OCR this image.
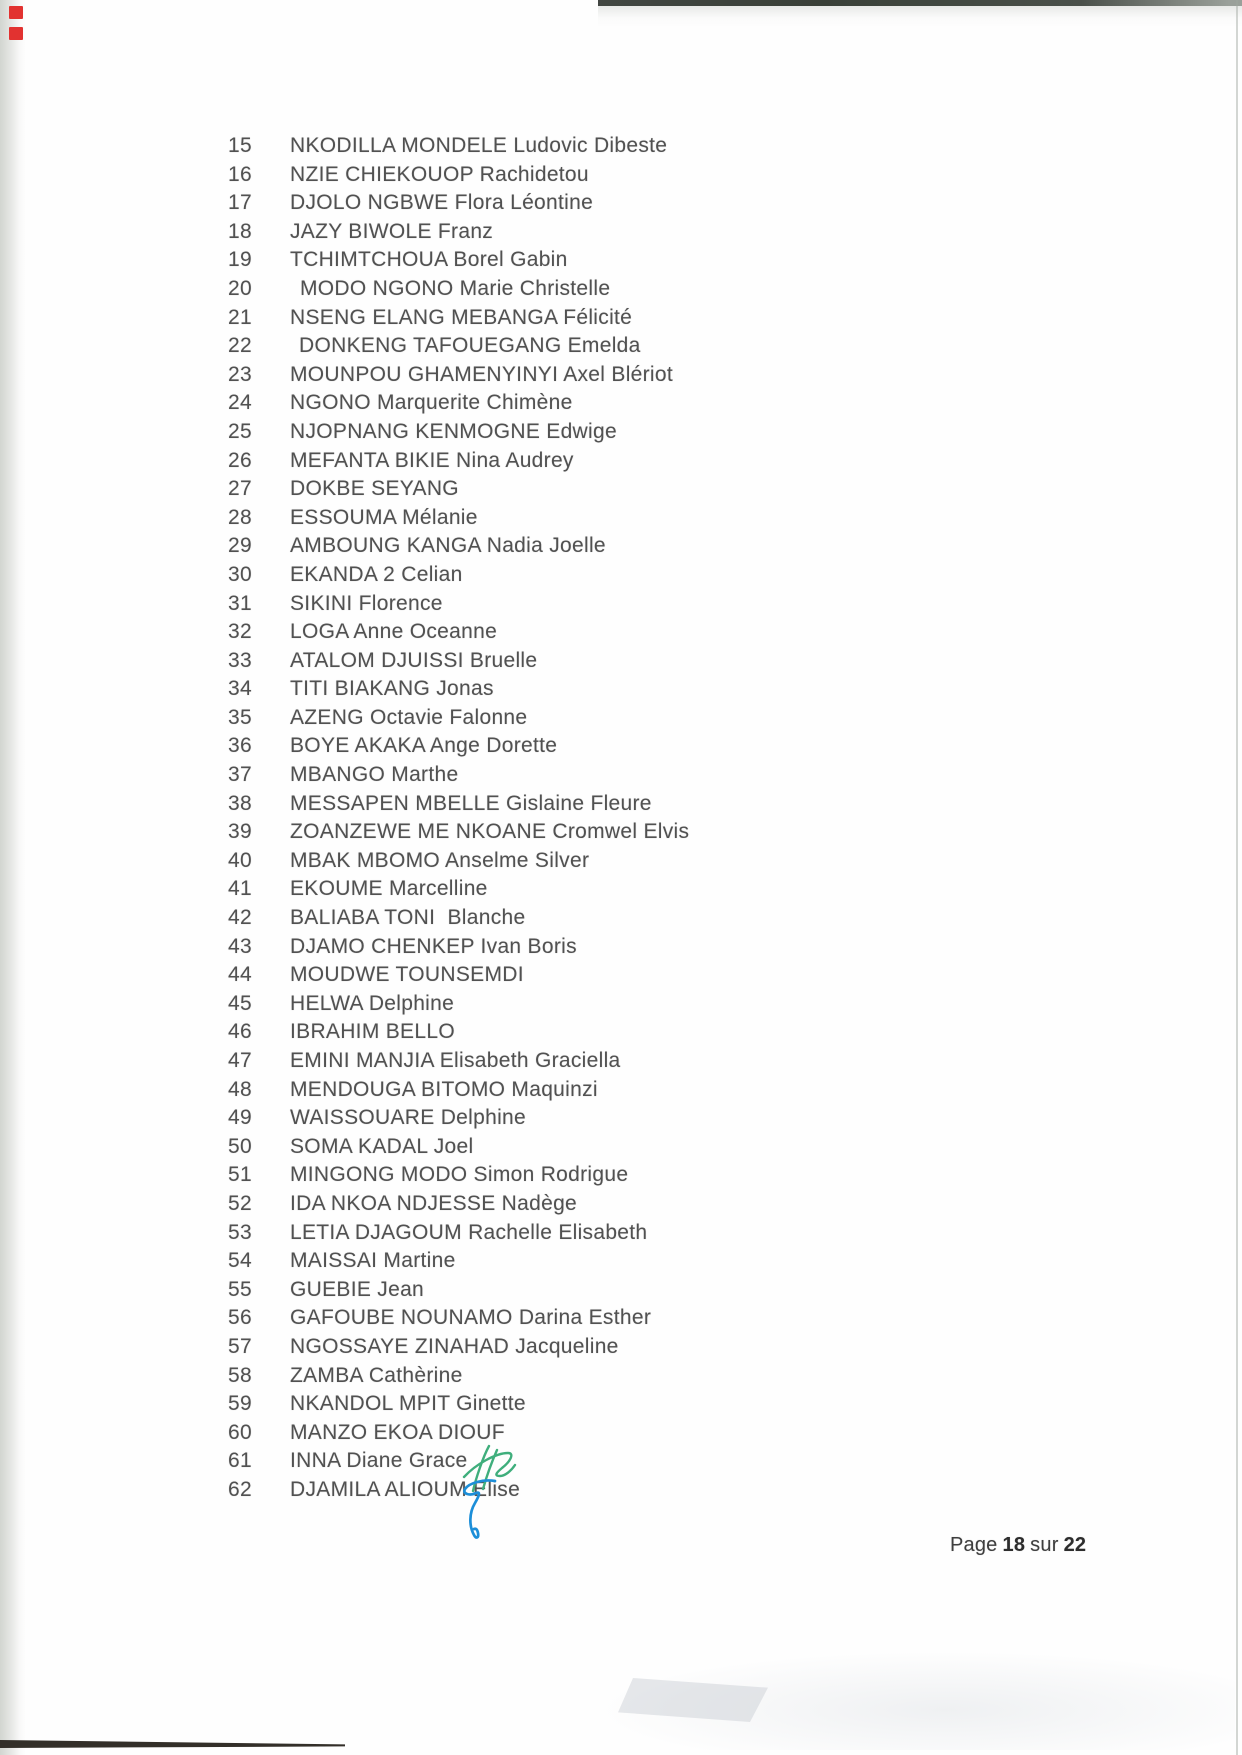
15 NKODILLA MONDELE Ludovic Dibeste
16 NZIE CHIEKOUOP Rachidetou
17 DJOLO NGBWE Flora Léontine
18 JAZY BIWOLE Franz
19 TCHIMTCHOUA Borel Gabin
20 MODO NGONO Marie Christelle
21 NSENG ELANG MEBANGA Félicité
22 DONKENG TAFOUEGANG Emelda
23 MOUNPOU GHAMENYINYI Axel Blériot
24 NGONO Marquerite Chimène
25 NJOPNANG KENMOGNE Edwige
26 MEFANTA BIKIE Nina Audrey
27 DOKBE SEYANG
28 ESSOUMA Mélanie
29 AMBOUNG KANGA Nadia Joelle
30 EKANDA 2 Celian
31 SIKINI Florence
32 LOGA Anne Oceanne
33 ATALOM DJUISSI Bruelle
34 TITI BIAKANG Jonas
35 AZENG Octavie Falonne
36 BOYE AKAKA Ange Dorette
37 MBANGO Marthe
38 MESSAPEN MBELLE Gislaine Fleure
39 ZOANZEWE ME NKOANE Cromwel Elvis
40 MBAK MBOMO Anselme Silver
41 EKOUME Marcelline
42 BALIABA TONI  Blanche
43 DJAMO CHENKEP Ivan Boris
44 MOUDWE TOUNSEMDI
45 HELWA Delphine
46 IBRAHIM BELLO
47 EMINI MANJIA Elisabeth Graciella
48 MENDOUGA BITOMO Maquinzi
49 WAISSOUARE Delphine
50 SOMA KADAL Joel
51 MINGONG MODO Simon Rodrigue
52 IDA NKOA NDJESSE Nadège
53 LETIA DJAGOUM Rachelle Elisabeth
54 MAISSAI Martine
55 GUEBIE Jean
56 GAFOUBE NOUNAMO Darina Esther
57 NGOSSAYE ZINAHAD Jacqueline
58 ZAMBA Cathèrine
59 NKANDOL MPIT Ginette
60 MANZO EKOA DIOUF
61 INNA Diane Grace
62 DJAMILA ALIOUM Elise
Page 18 sur 22
